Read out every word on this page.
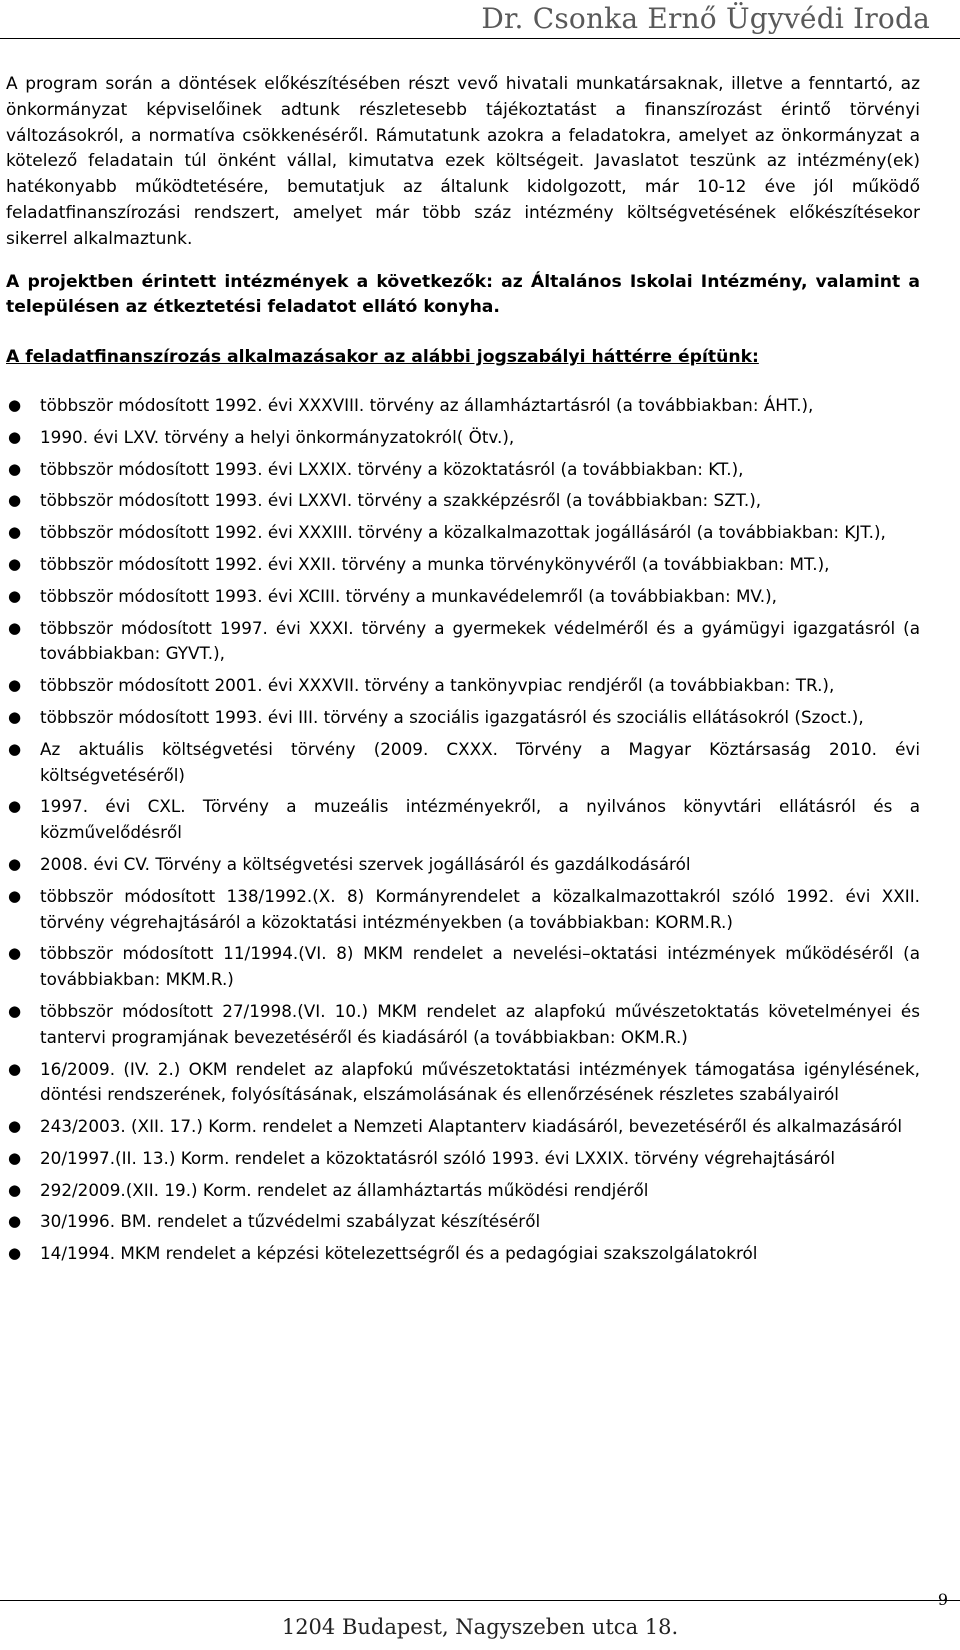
Dr. Csonka Ernő Ügyvédi Iroda

A program során a döntések előkészítésében részt vevő hivatali munkatársaknak, illetve a fenntartó, az önkormányzat képviselőinek adtunk részletesebb tájékoztatást a finanszírozást érintő törvényi változásokról, a normatíva csökkenéséről. Rámutatunk azokra a feladatokra, amelyet az önkormányzat a kötelező feladatain túl önként vállal, kimutatva ezek költségeit. Javaslatot teszünk az intézmény(ek) hatékonyabb működtetésére, bemutatjuk az általunk kidolgozott, már 10-12 éve jól működő feladatfinanszírozási rendszert, amelyet már több száz intézmény költségvetésének előkészítésekor sikerrel alkalmaztunk.

A projektben érintett intézmények a következők: az Általános Iskolai Intézmény, valamint a településen az étkeztetési feladatot ellátó konyha.

A feladatfinanszírozás alkalmazásakor az alábbi jogszabályi háttérre építünk:

●	többször módosított 1992. évi XXXVIII. törvény az államháztartásról (a továbbiakban: ÁHT.),
●	1990. évi LXV. törvény a helyi önkormányzatokról( Ötv.),
●	többször módosított 1993. évi LXXIX. törvény a közoktatásról (a továbbiakban: KT.),
●	többször módosított 1993. évi LXXVI. törvény a szakképzésről (a továbbiakban: SZT.),
●	többször módosított 1992. évi XXXIII. törvény a közalkalmazottak jogállásáról (a továbbiakban: KJT.),
●	többször módosított 1992. évi XXII. törvény a munka törvénykönyvéről (a továbbiakban: MT.),
●	többször módosított 1993. évi XCIII. törvény a munkavédelemről (a továbbiakban: MV.),
●	többször módosított 1997. évi XXXI. törvény a gyermekek védelméről és a gyámügyi igazgatásról (a továbbiakban: GYVT.),
●	többször módosított 2001. évi XXXVII. törvény a tankönyvpiac rendjéről (a továbbiakban: TR.),
●	többször módosított 1993. évi III. törvény a szociális igazgatásról és szociális ellátásokról (Szoct.),
●	Az aktuális költségvetési törvény (2009. CXXX. Törvény a Magyar Köztársaság 2010. évi költségvetéséről)
●	1997. évi CXL. Törvény a muzeális intézményekről, a nyilvános könyvtári ellátásról és a közművelődésről
●	2008. évi CV. Törvény a költségvetési szervek jogállásáról és gazdálkodásáról
●	többször módosított 138/1992.(X. 8) Kormányrendelet a közalkalmazottakról szóló 1992. évi XXII. törvény végrehajtásáról a közoktatási intézményekben (a továbbiakban: KORM.R.)
●	többször módosított 11/1994.(VI. 8) MKM rendelet a nevelési–oktatási intézmények működéséről (a továbbiakban: MKM.R.)
●	többször módosított 27/1998.(VI. 10.) MKM rendelet az alapfokú művészetoktatás követelményei és tantervi programjának bevezetéséről és kiadásáról (a továbbiakban: OKM.R.)
●	16/2009. (IV. 2.) OKM rendelet az alapfokú művészetoktatási intézmények támogatása igénylésének, döntési rendszerének, folyósításának, elszámolásának és ellenőrzésének részletes szabályairól
●	243/2003. (XII. 17.) Korm. rendelet a Nemzeti Alaptanterv kiadásáról, bevezetéséről és alkalmazásáról
●	20/1997.(II. 13.) Korm. rendelet a közoktatásról szóló 1993. évi LXXIX. törvény végrehajtásáról
●	292/2009.(XII. 19.) Korm. rendelet az államháztartás működési rendjéről
●	30/1996. BM. rendelet a tűzvédelmi szabályzat készítéséről
●	14/1994. MKM rendelet a képzési kötelezettségről és a pedagógiai szakszolgálatokról
1204 Budapest, Nagyszeben utca 18.
9
